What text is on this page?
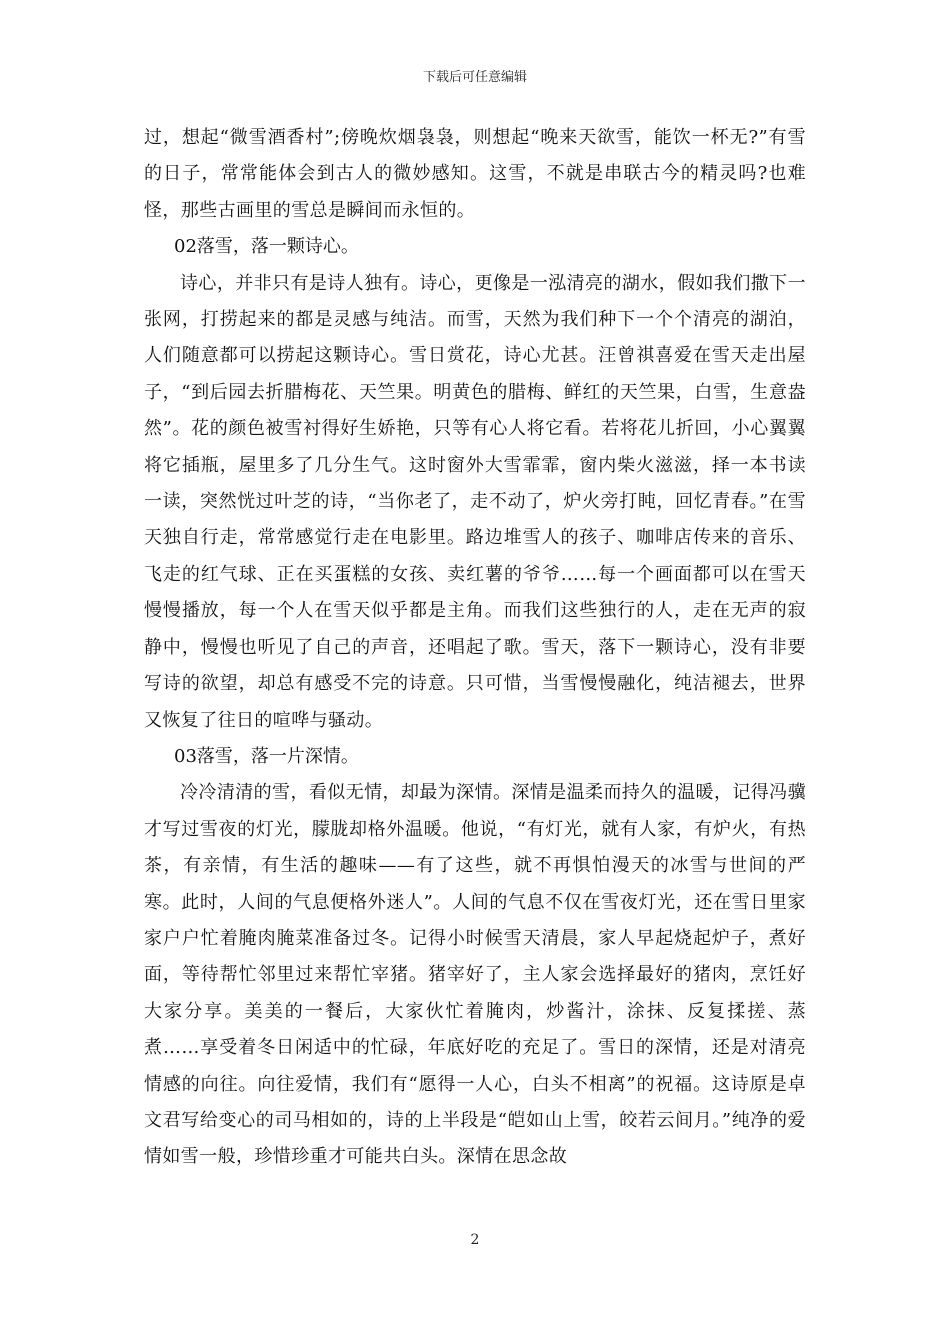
下载后可任意编辑

过，想起“微雪酒香村”;傍晚炊烟袅袅，则想起“晚来天欲雪，能饮一杯无?”有雪的日子，常常能体会到古人的微妙感知。这雪，不就是串联古今的精灵吗?也难怪，那些古画里的雪总是瞬间而永恒的。

02落雪，落一颗诗心。

诗心，并非只有是诗人独有。诗心，更像是一泓清亮的湖水，假如我们撒下一张网，打捞起来的都是灵感与纯洁。而雪，天然为我们种下一个个清亮的湖泊，人们随意都可以捞起这颗诗心。雪日赏花，诗心尤甚。汪曾祺喜爱在雪天走出屋子，“到后园去折腊梅花、天竺果。明黄色的腊梅、鲜红的天竺果，白雪，生意盎然”。花的颜色被雪衬得好生娇艳，只等有心人将它看。若将花儿折回，小心翼翼将它插瓶，屋里多了几分生气。这时窗外大雪霏霏，窗内柴火滋滋，择一本书读一读，突然恍过叶芝的诗，“当你老了，走不动了，炉火旁打盹，回忆青春。”在雪天独自行走，常常感觉行走在电影里。路边堆雪人的孩子、咖啡店传来的音乐、飞走的红气球、正在买蛋糕的女孩、卖红薯的爷爷……每一个画面都可以在雪天慢慢播放，每一个人在雪天似乎都是主角。而我们这些独行的人，走在无声的寂静中，慢慢也听见了自己的声音，还唱起了歌。雪天，落下一颗诗心，没有非要写诗的欲望，却总有感受不完的诗意。只可惜，当雪慢慢融化，纯洁褪去，世界又恢复了往日的喧哗与骚动。

03落雪，落一片深情。

冷冷清清的雪，看似无情，却最为深情。深情是温柔而持久的温暖，记得冯骥才写过雪夜的灯光，朦胧却格外温暖。他说，“有灯光，就有人家，有炉火，有热茶，有亲情，有生活的趣味——有了这些，就不再惧怕漫天的冰雪与世间的严寒。此时，人间的气息便格外迷人”。人间的气息不仅在雪夜灯光，还在雪日里家家户户忙着腌肉腌菜准备过冬。记得小时候雪天清晨，家人早起烧起炉子，煮好面，等待帮忙邻里过来帮忙宰猪。猪宰好了，主人家会选择最好的猪肉，烹饪好大家分享。美美的一餐后，大家伙忙着腌肉，炒酱汁，涂抹、反复揉搓、蒸煮……享受着冬日闲适中的忙碌，年底好吃的充足了。雪日的深情，还是对清亮情感的向往。向往爱情，我们有“愿得一人心，白头不相离”的祝福。这诗原是卓文君写给变心的司马相如的，诗的上半段是“皑如山上雪，皎若云间月。”纯净的爱情如雪一般，珍惜珍重才可能共白头。深情在思念故

2
